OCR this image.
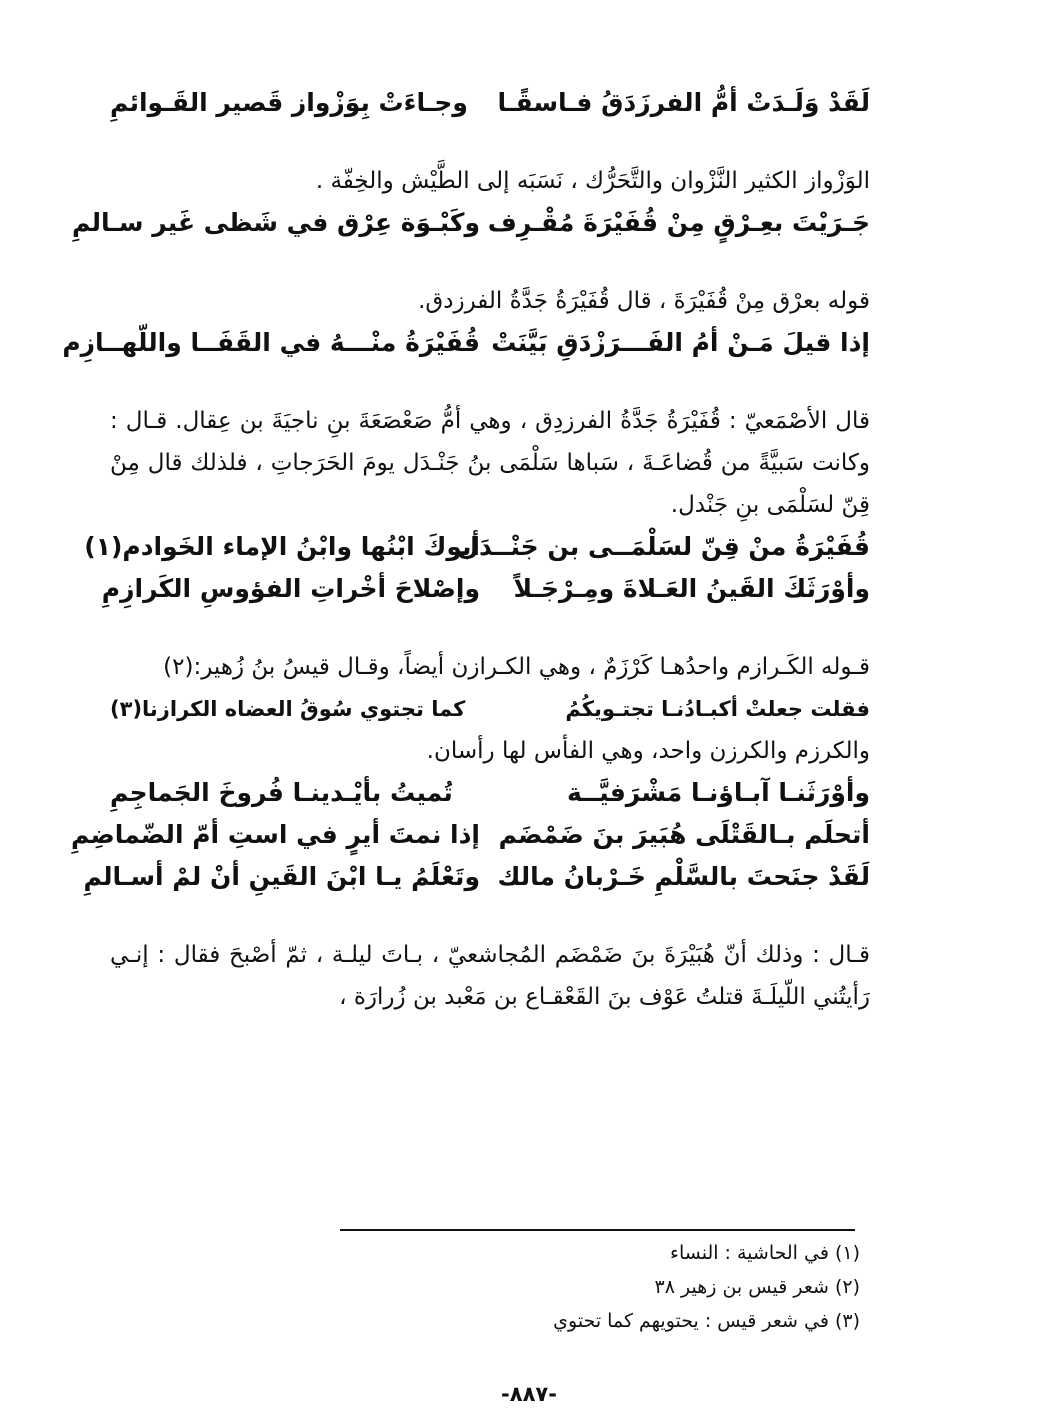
لَقَدْ وَلَـدَتْ أمُّ الفرزَدَقُ فـاسقًـا
وجـاءَتْ بِوَزْواز قَصير القَـوائمِ
الوَزْواز الكثير النَّزْوان والتَّحَرُّك ، نَسَبَه إلى الطَّيْش والخِفّة .
جَـرَيْتَ بعِـرْقٍ مِنْ قُفَيْرَةَ مُقْـرِف
وكَبْـوَة عِرْق في شَظى غَير سـالمِ
قوله بعرْق مِنْ قُفَيْرَةَ ، قال قُفَيْرَةُ جَدَّةُ الفرزدق.
إذا قيلَ مَـنْ أمُ الفَـــرَزْدَقِ بَيَّنَتْ
قُفَيْرَةُ منْـــهُ في القَفَــا واللّهــازِم
قال الأصْمَعيّ : قُفَيْرَةُ جَدَّةُ الفرزدِق ، وهي أمُّ صَعْصَعَةَ بنِ ناجيَةَ بن عِقال. قـال : وكانت سَبيَّةً من قُضاعَـةَ ، سَباها سَلْمَى بنُ جَنْـدَل يومَ الحَرَجاتِ ، فلذلك قال مِنْ قِنّ لسَلْمَى بنِ جَنْدل.
قُفَيْرَةُ منْ قِنّ لسَلْمَــى بن جَنْــدَل
أبوكَ ابْنُها وابْنُ الإماء الخَوادم(١)
وأوْرَثَكَ القَينُ العَـلاةَ ومِـرْجَـلاً
وإصْلاحَ أخْراتِ الفؤوسِ الكَرازِمِ
قـوله الكَـرازم واحدُهـا كَرْزَمٌ ، وهي الكـرازن أيضاً، وقـال قيسُ بنُ زُهير:(٢)
فقلت جعلتْ أكبـادُنـا تجتـويكُمُ
كما تجتوي سُوقُ العضاه الكرازنا(٣)
والكرزم والكرزن واحد، وهي الفأس لها رأسان.
وأوْرَثَنـا آبـاؤنـا مَشْرَفيَّــة
تُميتُ بأيْـدينـا فُروخَ الجَماجِمِ
أتحلَم بـالقَتْلَى هُبَيرَ بنَ ضَمْضَم
إذا نمتَ أيرٍ في استِ أمّ الضّماضِمِ
لَقَدْ جنَحتَ بالسَّلْمِ خَـرْبانُ مالك
وتَعْلَمُ يـا ابْنَ القَينِ أنْ لمْ أسـالمِ
قـال : وذلك أنّ هُبَيْرَةَ بنَ ضَمْضَم المُجاشعيّ ، بـاتَ ليلـة ، ثمّ أصْبحَ فقال : إنـي رَأيتُني اللّيلَـةَ قتلتُ عَوْف بنَ القَعْقـاع بن مَعْبد بن زُرارَة ،
(١) في الحاشية : النساء
(٢) شعر قيس بن زهير ٣٨
(٣) في شعر قيس : يحتويهم كما تحتوي
-٨٨٧-
